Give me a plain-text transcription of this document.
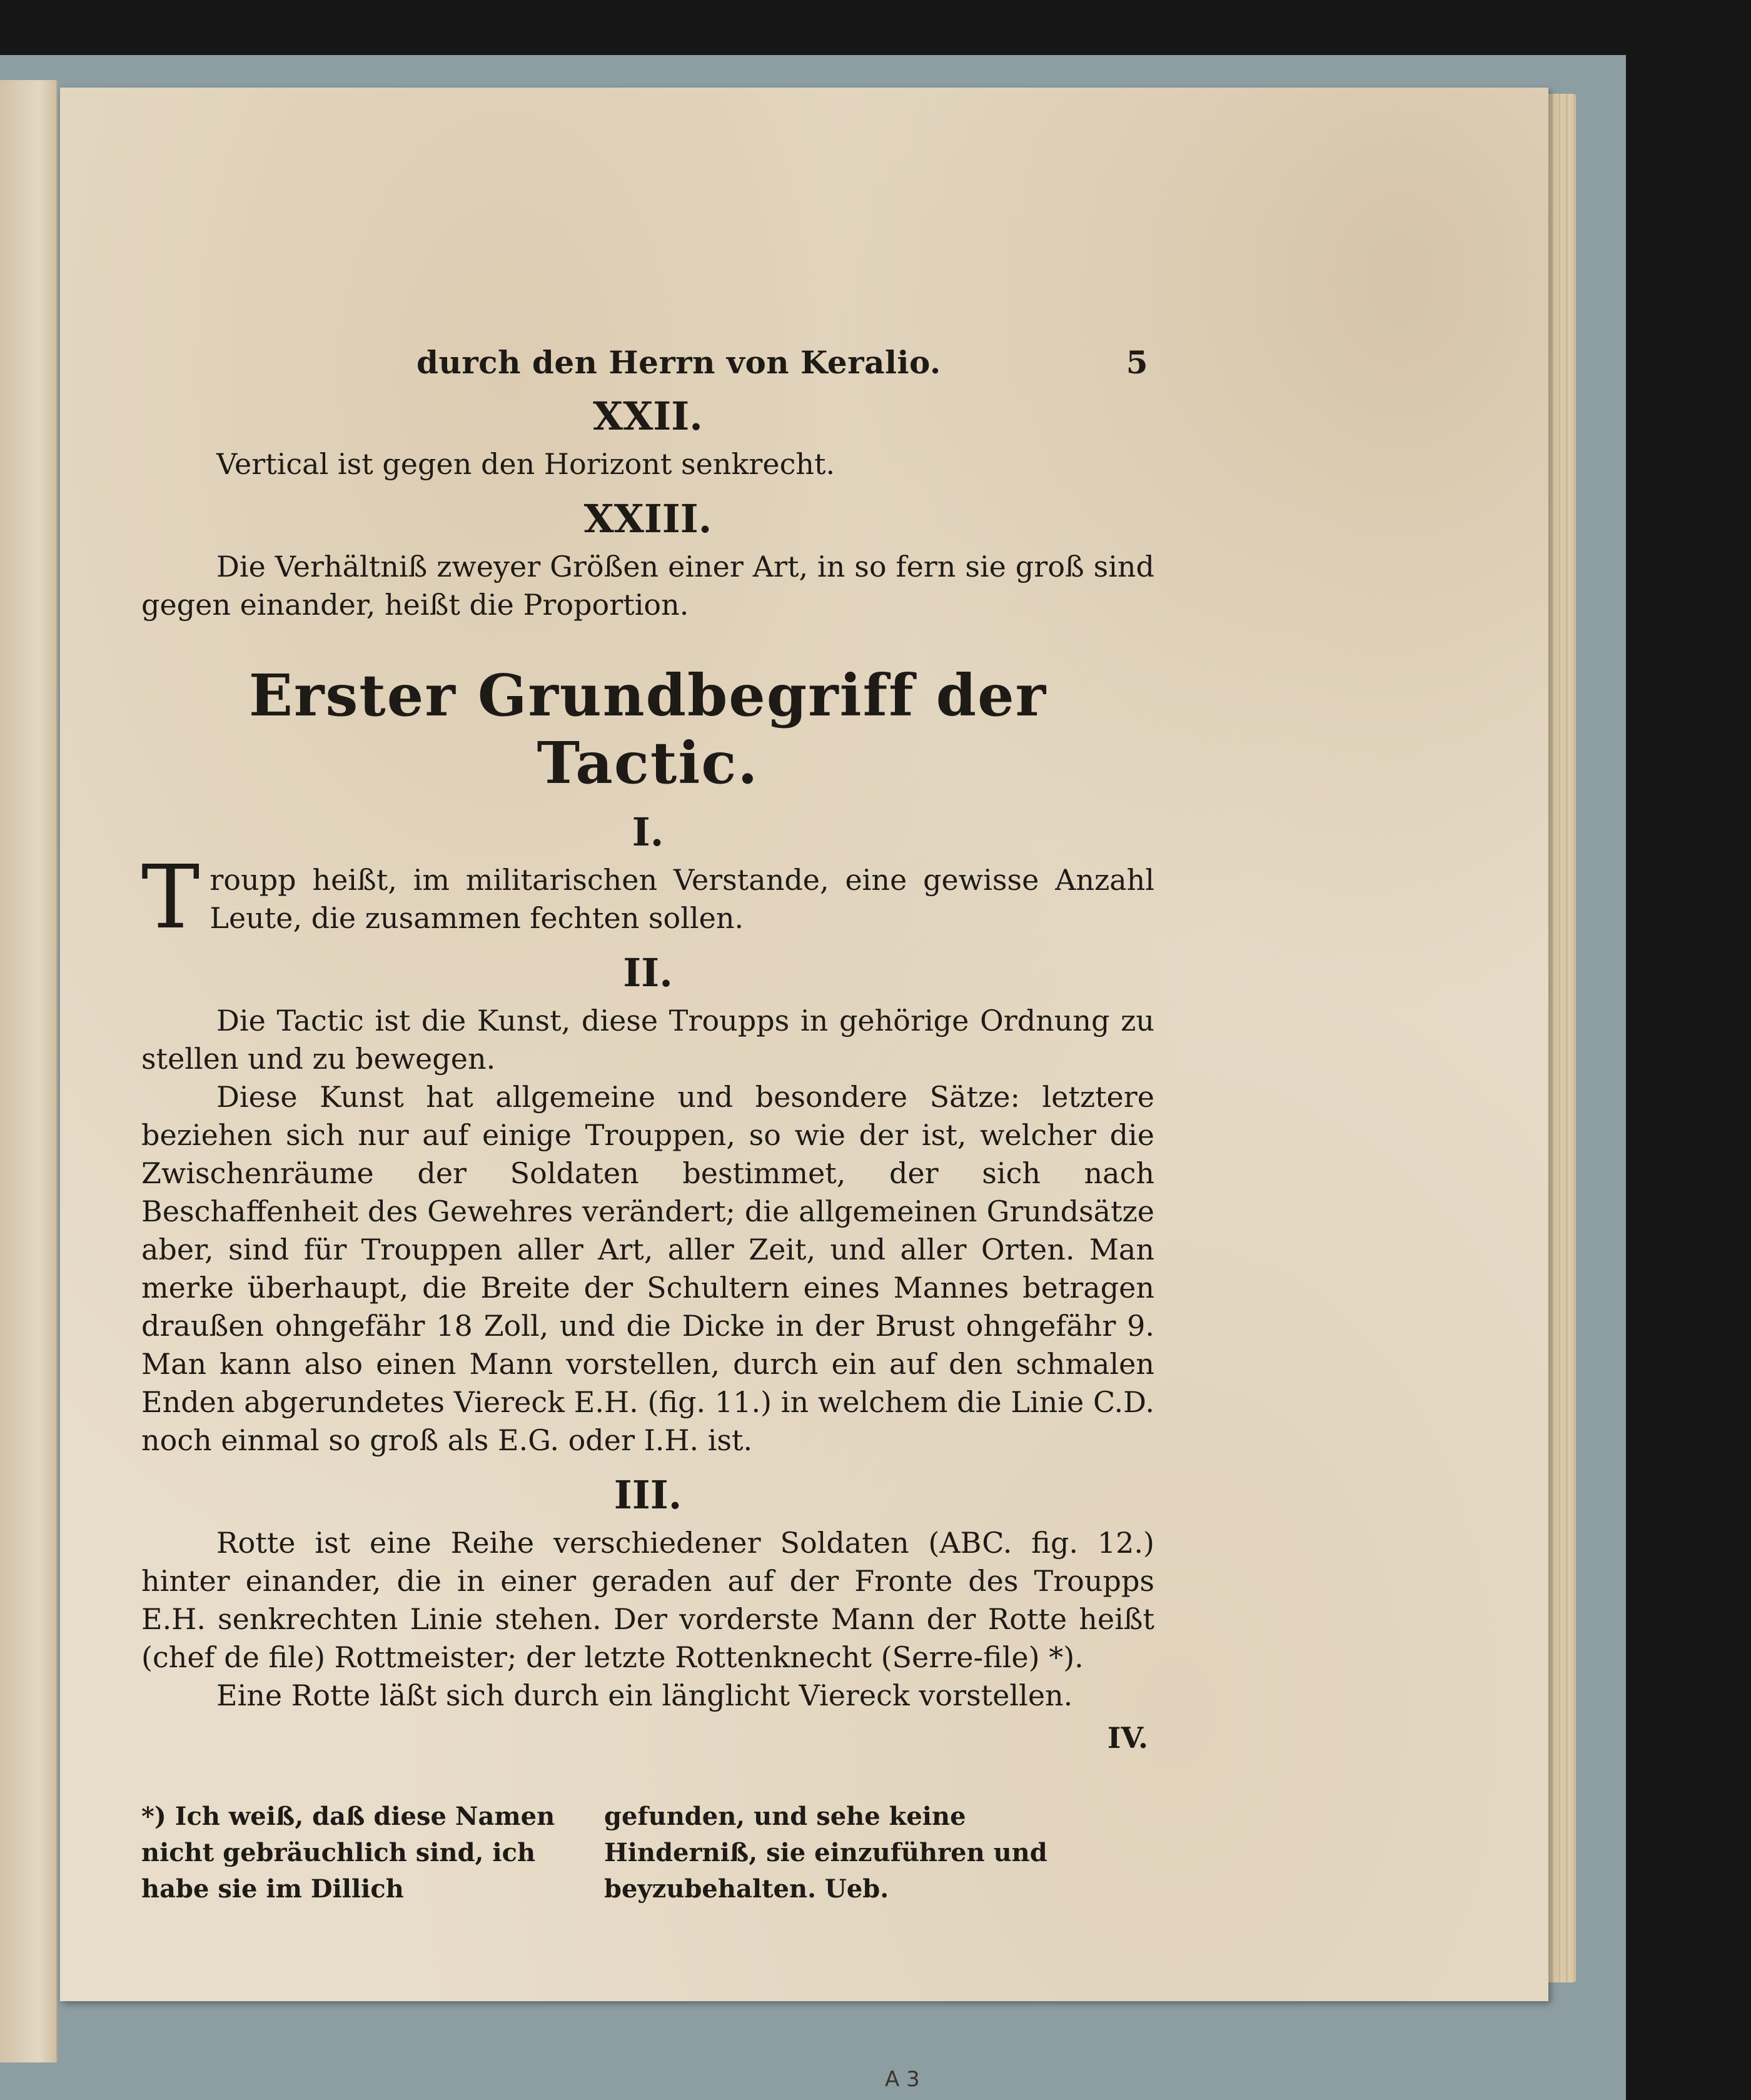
durch den Herrn von Keralio.	5
XXII.

Vertical ist gegen den Horizont senkrecht.

XXIII.

Die Verhältniß zweyer Größen einer Art, in so fern sie groß sind gegen einander, heißt die Proportion.

Erster Grundbegriff der Tactic.
I.

Troupp heißt, im militarischen Verstande, eine gewisse Anzahl Leute, die zusammen fechten sollen.

II.

Die Tactic ist die Kunst, diese Troupps in gehörige Ordnung zu stellen und zu bewegen.

Diese Kunst hat allgemeine und besondere Sätze: letztere beziehen sich nur auf einige Trouppen, so wie der ist, welcher die Zwischenräume der Soldaten bestimmet, der sich nach Beschaffenheit des Gewehres verändert; die allgemeinen Grundsätze aber, sind für Trouppen aller Art, aller Zeit, und aller Orten. Man merke überhaupt, die Breite der Schultern eines Mannes betragen draußen ohngefähr 18 Zoll, und die Dicke in der Brust ohngefähr 9. Man kann also einen Mann vorstellen, durch ein auf den schmalen Enden abgerundetes Viereck E.H. (fig. 11.) in welchem die Linie C.D. noch einmal so groß als E.G. oder I.H. ist.

III.

Rotte ist eine Reihe verschiedener Soldaten (ABC. fig. 12.) hinter einander, die in einer geraden auf der Fronte des Troupps E.H. senkrechten Linie stehen. Der vorderste Mann der Rotte heißt (chef de file) Rottmeister; der letzte Rottenknecht (Serre-file) *).

Eine Rotte läßt sich durch ein länglicht Viereck vorstellen.

IV.
*) Ich weiß, daß diese Namen nicht gebräuchlich sind, ich habe sie im Dillich
gefunden, und sehe keine Hinderniß, sie einzuführen und beyzubehalten. Ueb.
A 3
